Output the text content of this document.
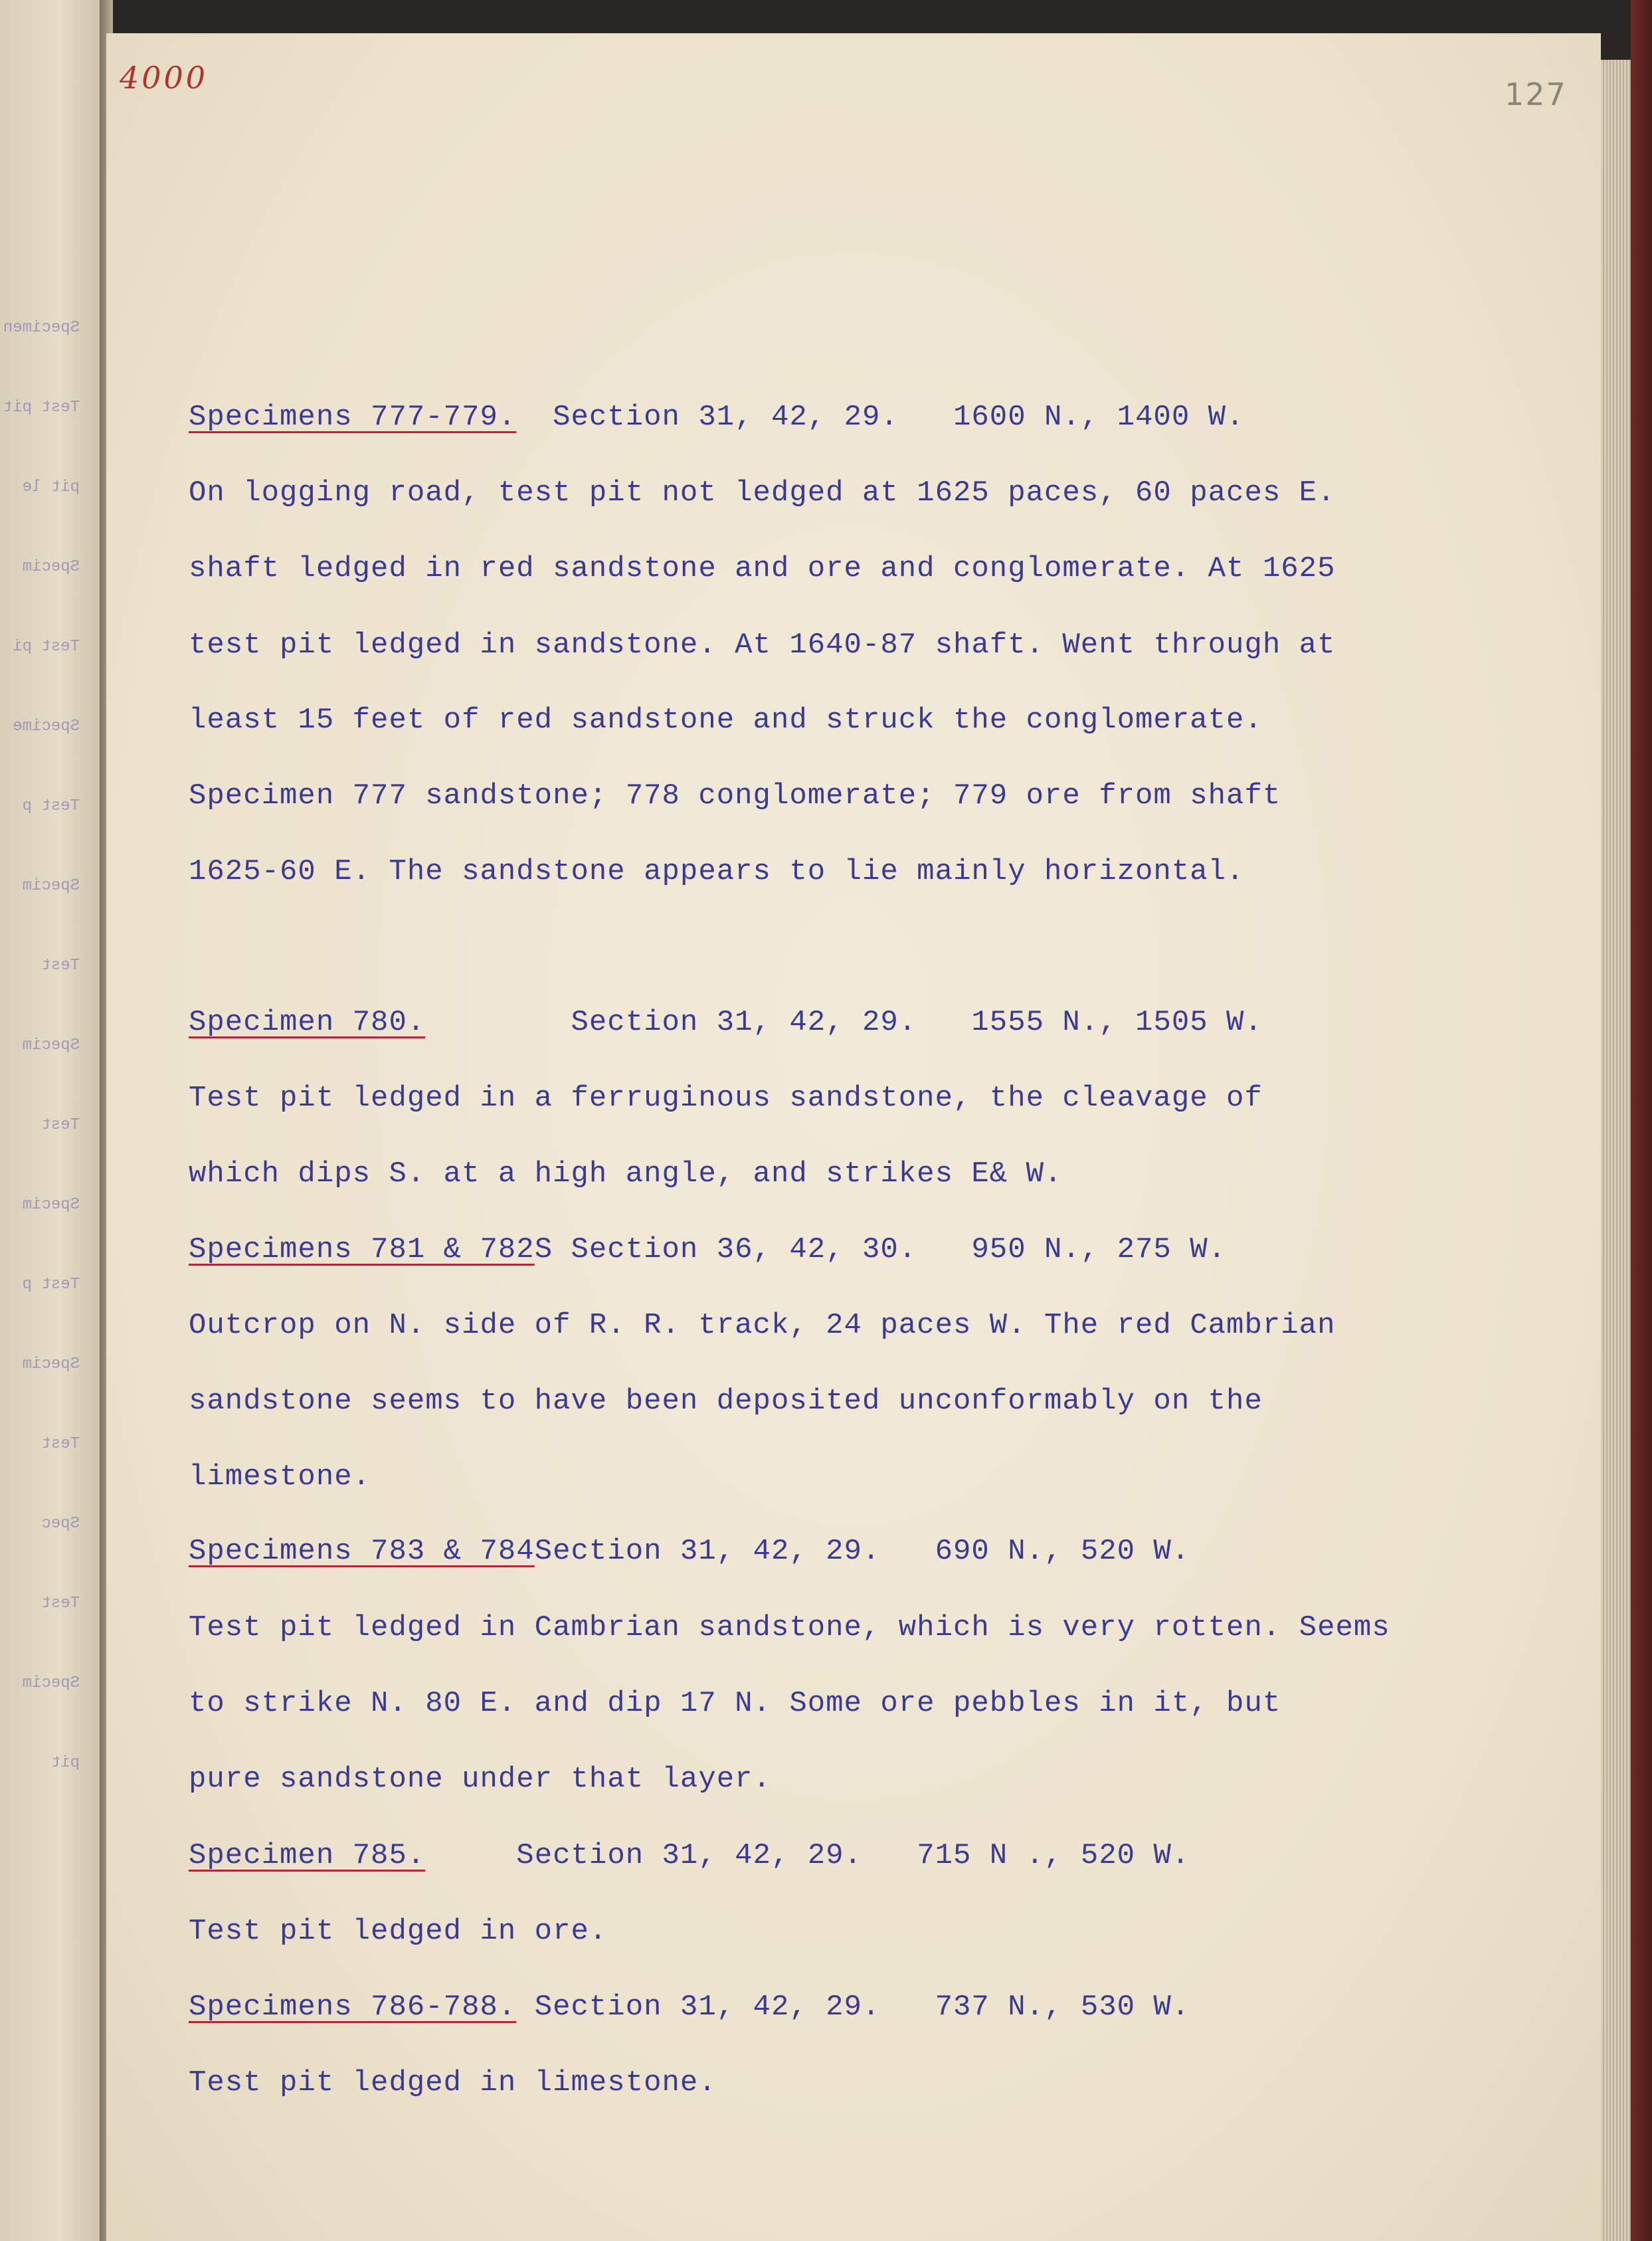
Specimen
Test pit
pit le
Specim
Test pi
Specime
Test p
Specim
Test
Specim
Test
Specim
Test p
Specim
Test
Spec
Test
Specim
pit
4000	127
Specimens 777-779. Section 31, 42, 29.   1600 N., 1400 W.
On logging road, test pit not ledged at 1625 paces, 60 paces E.
shaft ledged in red sandstone and ore and conglomerate. At 1625
test pit ledged in sandstone. At 1640-87 shaft. Went through at
least 15 feet of red sandstone and struck the conglomerate.
Specimen 777 sandstone; 778 conglomerate; 779 ore from shaft
1625-60 E. The sandstone appears to lie mainly horizontal.
Specimen 780.	Section 31, 42, 29.   1555 N., 1505 W.
Test pit ledged in a ferruginous sandstone, the cleavage of
which dips S. at a high angle, and strikes E& W.
Specimens 781 & 782S Section 36, 42, 30.   950 N., 275 W.
Outcrop on N. side of R. R. track, 24 paces W. The red Cambrian
sandstone seems to have been deposited unconformably on the
limestone.
Specimens 783 & 784Section 31, 42, 29.   690 N., 520 W.
Test pit ledged in Cambrian sandstone, which is very rotten. Seems
to strike N. 80 E. and dip 17 N. Some ore pebbles in it, but
pure sandstone under that layer.
Specimen 785.	Section 31, 42, 29.   715 N ., 520 W.
Test pit ledged in ore.
Specimens 786-788. Section 31, 42, 29.   737 N., 530 W.
Test pit ledged in limestone.
